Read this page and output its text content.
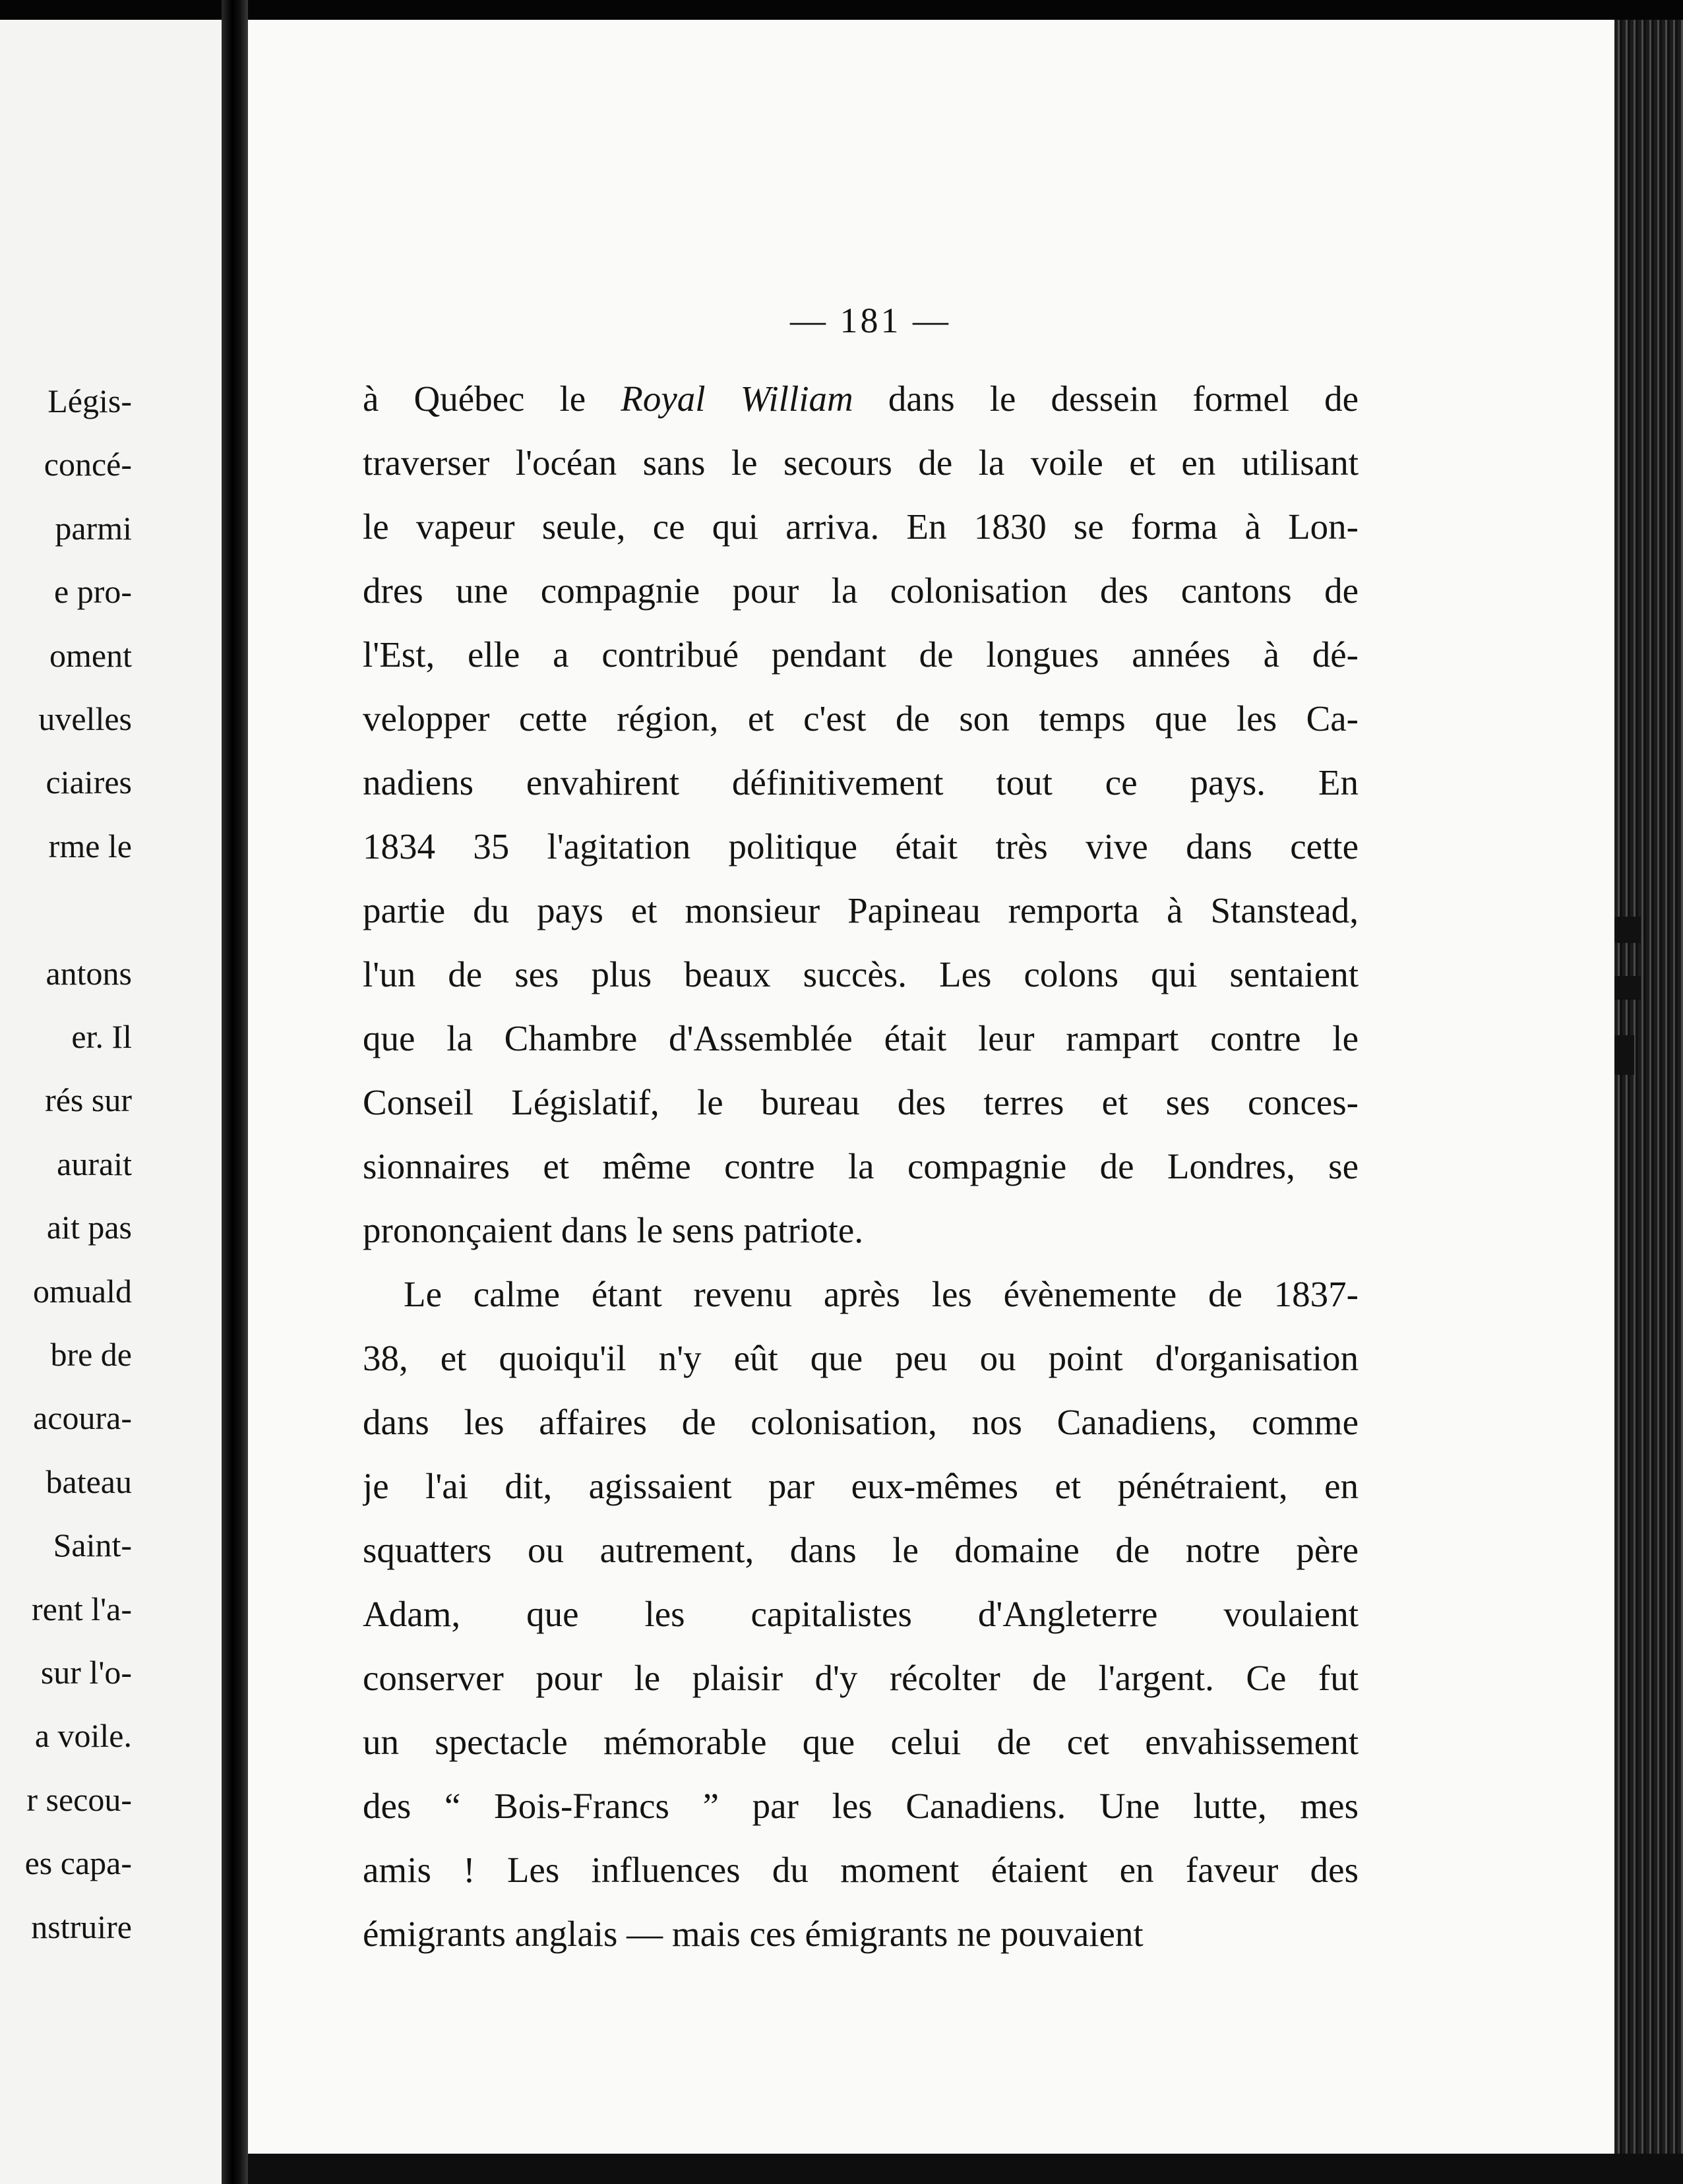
Légis-
concé-
parmi
e pro-
oment
uvelles
ciaires
rme le
antons
er. Il
rés sur
aurait
ait pas
omuald
bre de
acoura-
bateau
Saint-
rent l'a-
sur l'o-
a voile.
r secou-
es capa-
nstruire
— 181 —
à Québec le Royal William dans le dessein formel de
traverser l'océan sans le secours de la voile et en utilisant
le vapeur seule, ce qui arriva. En 1830 se forma à Lon-
dres une compagnie pour la colonisation des cantons de
l'Est, elle a contribué pendant de longues années à dé-
velopper cette région, et c'est de son temps que les Ca-
nadiens envahirent définitivement tout ce pays. En
1834 35 l'agitation politique était très vive dans cette
partie du pays et monsieur Papineau remporta à Stanstead,
l'un de ses plus beaux succès. Les colons qui sentaient
que la Chambre d'Assemblée était leur rampart contre le
Conseil Législatif, le bureau des terres et ses conces-
sionnaires et même contre la compagnie de Londres, se
prononçaient dans le sens patriote.
Le calme étant revenu après les évènemente de 1837-
38, et quoiqu'il n'y eût que peu ou point d'organisation
dans les affaires de colonisation, nos Canadiens, comme
je l'ai dit, agissaient par eux-mêmes et pénétraient, en
squatters ou autrement, dans le domaine de notre père
Adam, que les capitalistes d'Angleterre voulaient
conserver pour le plaisir d'y récolter de l'argent. Ce fut
un spectacle mémorable que celui de cet envahissement
des “ Bois-Francs ” par les Canadiens. Une lutte, mes
amis ! Les influences du moment étaient en faveur des
émigrants anglais — mais ces émigrants ne pouvaient
